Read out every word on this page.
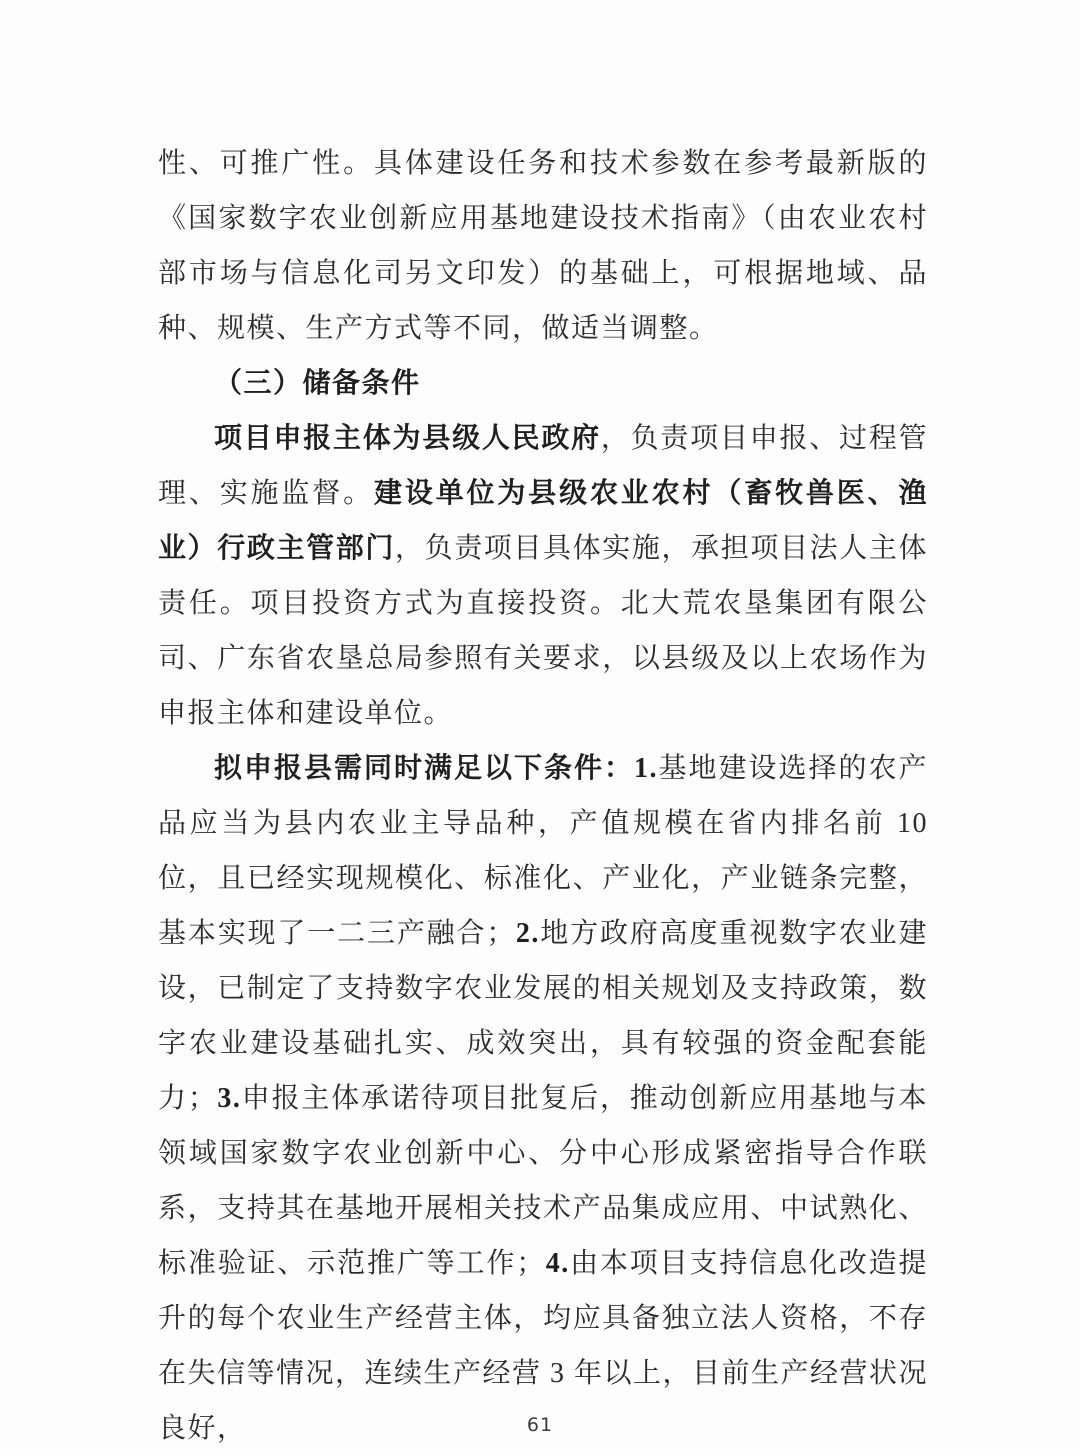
性、可推广性。具体建设任务和技术参数在参考最新版的《国家数字农业创新应用基地建设技术指南》（由农业农村部市场与信息化司另文印发）的基础上，可根据地域、品种、规模、生产方式等不同，做适当调整。

（三）储备条件

项目申报主体为县级人民政府，负责项目申报、过程管理、实施监督。建设单位为县级农业农村（畜牧兽医、渔业）行政主管部门，负责项目具体实施，承担项目法人主体责任。项目投资方式为直接投资。北大荒农垦集团有限公司、广东省农垦总局参照有关要求，以县级及以上农场作为申报主体和建设单位。

拟申报县需同时满足以下条件：1.基地建设选择的农产品应当为县内农业主导品种，产值规模在省内排名前 10 位，且已经实现规模化、标准化、产业化，产业链条完整，基本实现了一二三产融合；2.地方政府高度重视数字农业建设，已制定了支持数字农业发展的相关规划及支持政策，数字农业建设基础扎实、成效突出，具有较强的资金配套能力；3.申报主体承诺待项目批复后，推动创新应用基地与本领域国家数字农业创新中心、分中心形成紧密指导合作联系，支持其在基地开展相关技术产品集成应用、中试熟化、标准验证、示范推广等工作；4.由本项目支持信息化改造提升的每个农业生产经营主体，均应具备独立法人资格，不存在失信等情况，连续生产经营 3 年以上，目前生产经营状况良好，	61
